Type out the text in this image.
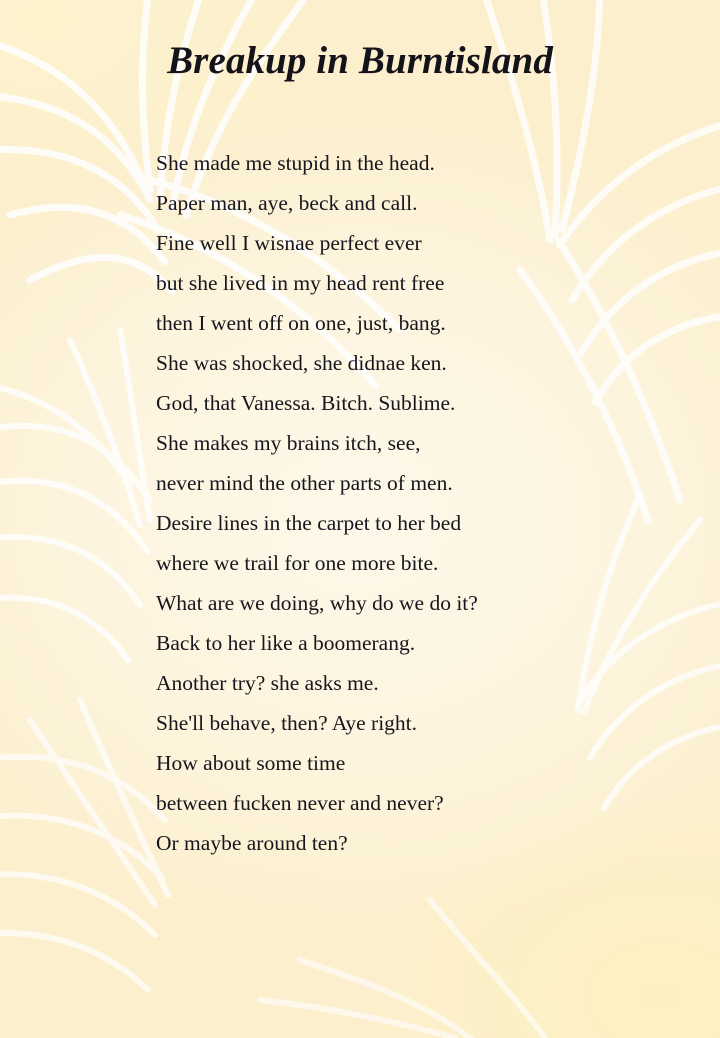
Breakup in Burntisland
She made me stupid in the head.
Paper man, aye, beck and call.
Fine well I wisnae perfect ever
but she lived in my head rent free
then I went off on one, just, bang.
She was shocked, she didnae ken.
God, that Vanessa. Bitch. Sublime.
She makes my brains itch, see,
never mind the other parts of men.
Desire lines in the carpet to her bed
where we trail for one more bite.
What are we doing, why do we do it?
Back to her like a boomerang.
Another try? she asks me.
She'll behave, then? Aye right.
How about some time
between fucken never and never?
Or maybe around ten?
